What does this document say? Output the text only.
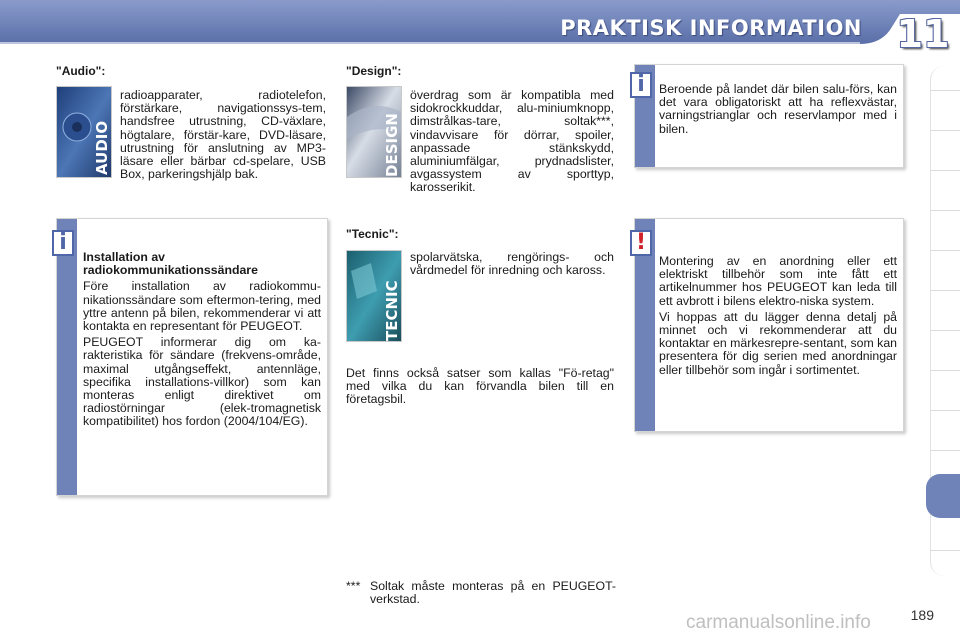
PRAKTISK INFORMATION 11
"Audio":
AUDIO
radioapparater, radiotelefon, förstärkare, navigationssys-tem, handsfree utrustning, CD-växlare, högtalare, förstär-kare, DVD-läsare, utrustning för anslutning av MP3-läsare eller bärbar cd-spelare, USB Box, parkeringshjälp bak.
"Design":
DESIGN
överdrag som är kompatibla med sidokrockkuddar, alu-miniumknopp, dimstrålkas-tare, soltak***, vindavvisare för dörrar, spoiler, anpassade stänkskydd, aluminiumfälgar, prydnadslister, avgassystem av sporttyp, karosserikit.
"Tecnic":
TECNIC
spolarvätska, rengörings- och vårdmedel för inredning och kaross.
Det finns också satser som kallas "Fö-retag" med vilka du kan förvandla bilen till en företagsbil.
*** Soltak måste monteras på en PEUGEOT-verkstad.

Installation av radiokommunikationssändare

Före installation av radiokommu-nikationssändare som eftermon-tering, med yttre antenn på bilen, rekommenderar vi att kontakta en representant för PEUGEOT.

PEUGEOT informerar dig om ka-rakteristika för sändare (frekvens-område, maximal utgångseffekt, antennläge, specifika installations-villkor) som kan monteras enligt direktivet om radiostörningar (elek-tromagnetisk kompatibilitet) hos fordon (2004/104/EG).

i
Beroende på landet där bilen salu-förs, kan det vara obligatoriskt att ha reflexvästar, varningstrianglar och reservlampor med i bilen.
i

Montering av en anordning eller ett elektriskt tillbehör som inte fått ett artikelnummer hos PEUGEOT kan leda till ett avbrott i bilens elektro-niska system.

Vi hoppas att du lägger denna detalj på minnet och vi rekommenderar att du kontaktar en märkesrepre-sentant, som kan presentera för dig serien med anordningar eller tillbehör som ingår i sortimentet.

!
189
carmanualsonline.info
